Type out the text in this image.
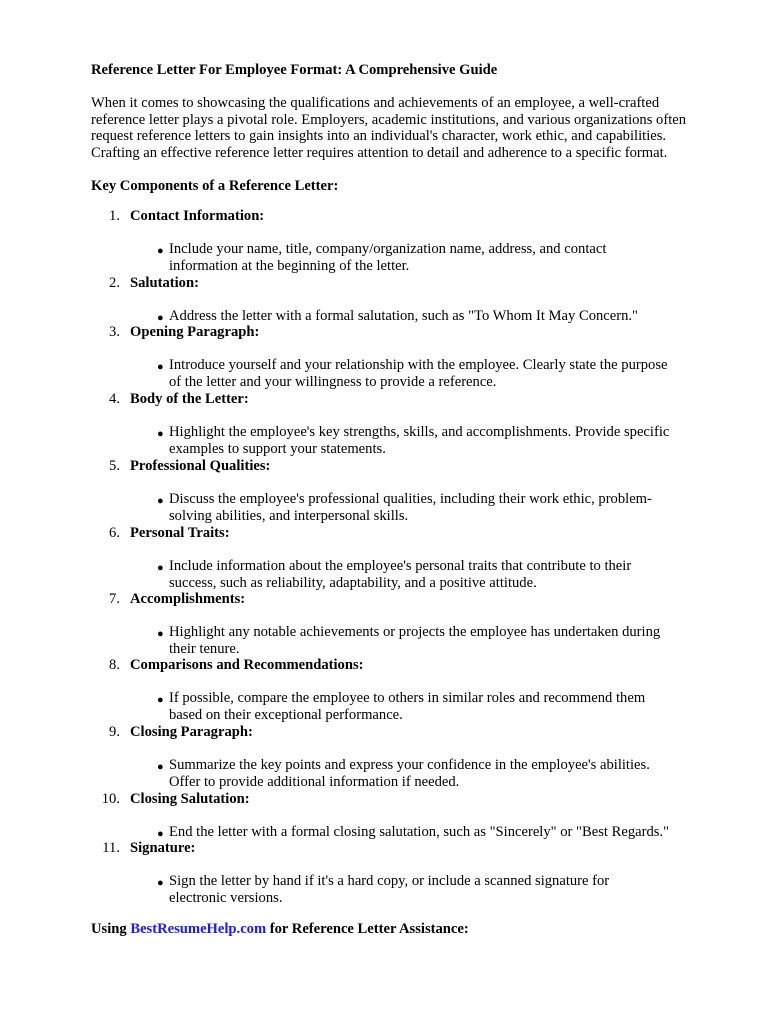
Reference Letter For Employee Format: A Comprehensive Guide
When it comes to showcasing the qualifications and achievements of an employee, a well-crafted
reference letter plays a pivotal role. Employers, academic institutions, and various organizations often
request reference letters to gain insights into an individual's character, work ethic, and capabilities.
Crafting an effective reference letter requires attention to detail and adherence to a specific format.
Key Components of a Reference Letter:
1. Contact Information:
● Include your name, title, company/organization name, address, and contact
information at the beginning of the letter.
2. Salutation:
● Address the letter with a formal salutation, such as "To Whom It May Concern."
3. Opening Paragraph:
● Introduce yourself and your relationship with the employee. Clearly state the purpose
of the letter and your willingness to provide a reference.
4. Body of the Letter:
● Highlight the employee's key strengths, skills, and accomplishments. Provide specific
examples to support your statements.
5. Professional Qualities:
● Discuss the employee's professional qualities, including their work ethic, problem-
solving abilities, and interpersonal skills.
6. Personal Traits:
● Include information about the employee's personal traits that contribute to their
success, such as reliability, adaptability, and a positive attitude.
7. Accomplishments:
● Highlight any notable achievements or projects the employee has undertaken during
their tenure.
8. Comparisons and Recommendations:
● If possible, compare the employee to others in similar roles and recommend them
based on their exceptional performance.
9. Closing Paragraph:
● Summarize the key points and express your confidence in the employee's abilities.
Offer to provide additional information if needed.
10. Closing Salutation:
● End the letter with a formal closing salutation, such as "Sincerely" or "Best Regards."
11. Signature:
● Sign the letter by hand if it's a hard copy, or include a scanned signature for
electronic versions.
Using BestResumeHelp.com for Reference Letter Assistance:
